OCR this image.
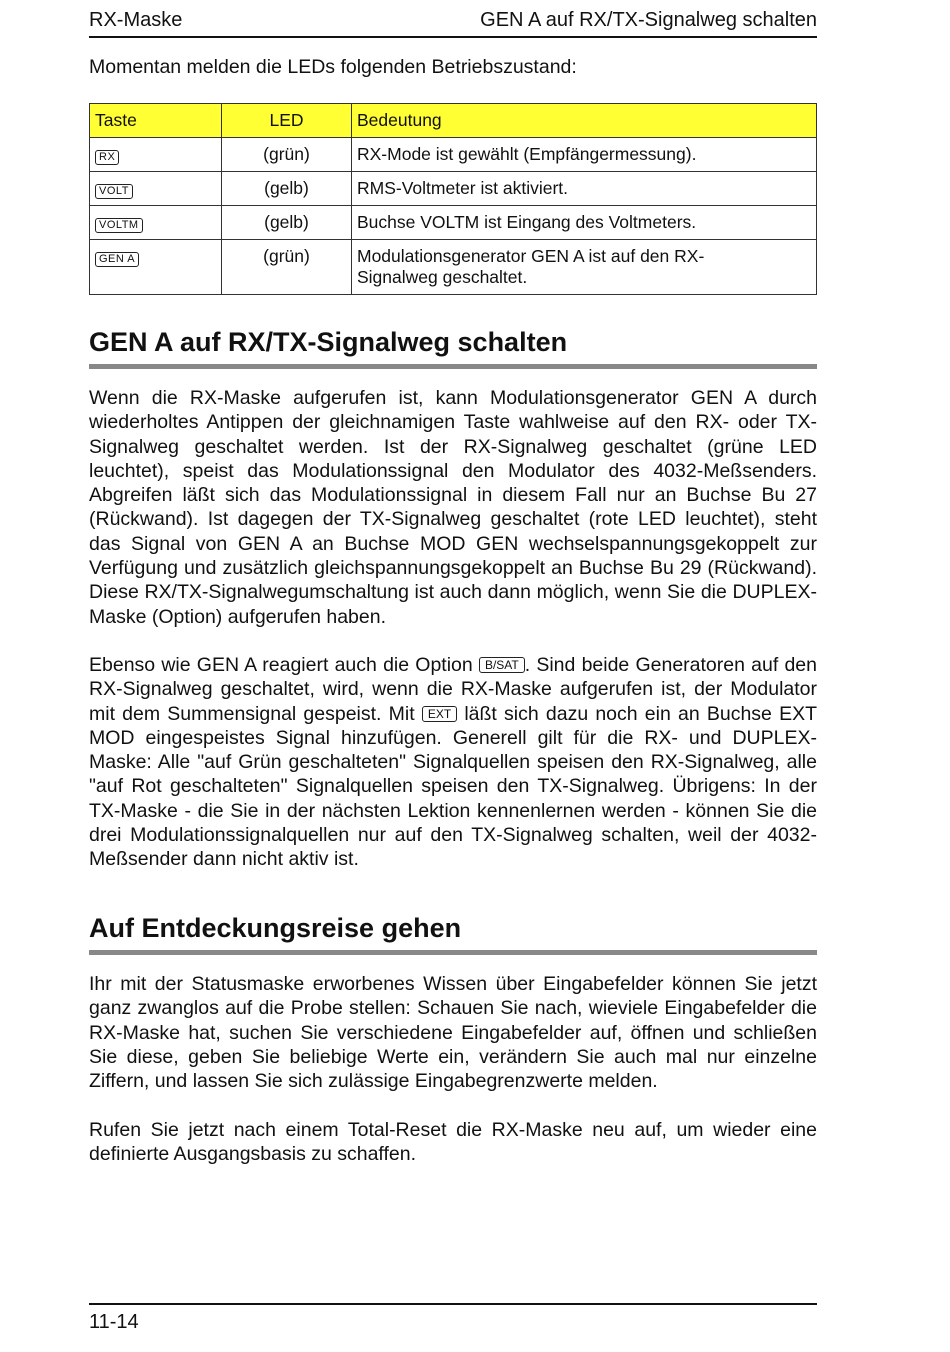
RX-Maske	GEN A auf RX/TX-Signalweg schalten
Momentan melden die LEDs folgenden Betriebszustand:
Taste	LED	Bedeutung
RX	(grün)	RX-Mode ist gewählt (Empfängermessung).
VOLT	(gelb)	RMS-Voltmeter ist aktiviert.
VOLTM	(gelb)	Buchse VOLTM ist Eingang des Voltmeters.
GEN A	(grün)	Modulationsgenerator GEN A ist auf den RX-Signalweg geschaltet.
GEN A auf RX/TX-Signalweg schalten

Wenn die RX-Maske aufgerufen ist, kann Modulationsgenerator GEN A durch wiederholtes Antippen der gleichnamigen Taste wahlweise auf den RX- oder TX-Signalweg geschaltet werden. Ist der RX-Signalweg geschaltet (grüne LED leuchtet), speist das Modulationssignal den Modulator des 4032-Meßsenders. Abgreifen läßt sich das Modulationssignal in diesem Fall nur an Buchse Bu 27 (Rückwand). Ist dagegen der TX-Signalweg geschaltet (rote LED leuchtet), steht das Signal von GEN A an Buchse MOD GEN wechselspannungsgekoppelt zur Verfügung und zusätzlich gleichspannungsgekoppelt an Buchse Bu 29 (Rückwand). Diese RX/TX-Signalwegumschaltung ist auch dann möglich, wenn Sie die DUPLEX-Maske (Option) aufgerufen haben.

Ebenso wie GEN A reagiert auch die Option B/SAT . Sind beide Generatoren auf den RX-Signalweg geschaltet, wird, wenn die RX-Maske aufgerufen ist, der Modulator mit dem Summensignal gespeist. Mit EXT läßt sich dazu noch ein an Buchse EXT MOD eingespeistes Signal hinzufügen. Generell gilt für die RX- und DUPLEX-Maske: Alle "auf Grün geschalteten" Signalquellen speisen den RX-Signalweg, alle "auf Rot geschalteten" Signalquellen speisen den TX-Signalweg. Übrigens: In der TX-Maske - die Sie in der nächsten Lektion kennenlernen werden - können Sie die drei Modulationssignalquellen nur auf den TX-Signalweg schalten, weil der 4032-Meßsender dann nicht aktiv ist.

Auf Entdeckungsreise gehen

Ihr mit der Statusmaske erworbenes Wissen über Eingabefelder können Sie jetzt ganz zwanglos auf die Probe stellen: Schauen Sie nach, wieviele Eingabefelder die RX-Maske hat, suchen Sie verschiedene Eingabefelder auf, öffnen und schließen Sie diese, geben Sie beliebige Werte ein, verändern Sie auch mal nur einzelne Ziffern, und lassen Sie sich zulässige Eingabegrenzwerte melden.

Rufen Sie jetzt nach einem Total-Reset die RX-Maske neu auf, um wieder eine definierte Ausgangsbasis zu schaffen.

11-14
